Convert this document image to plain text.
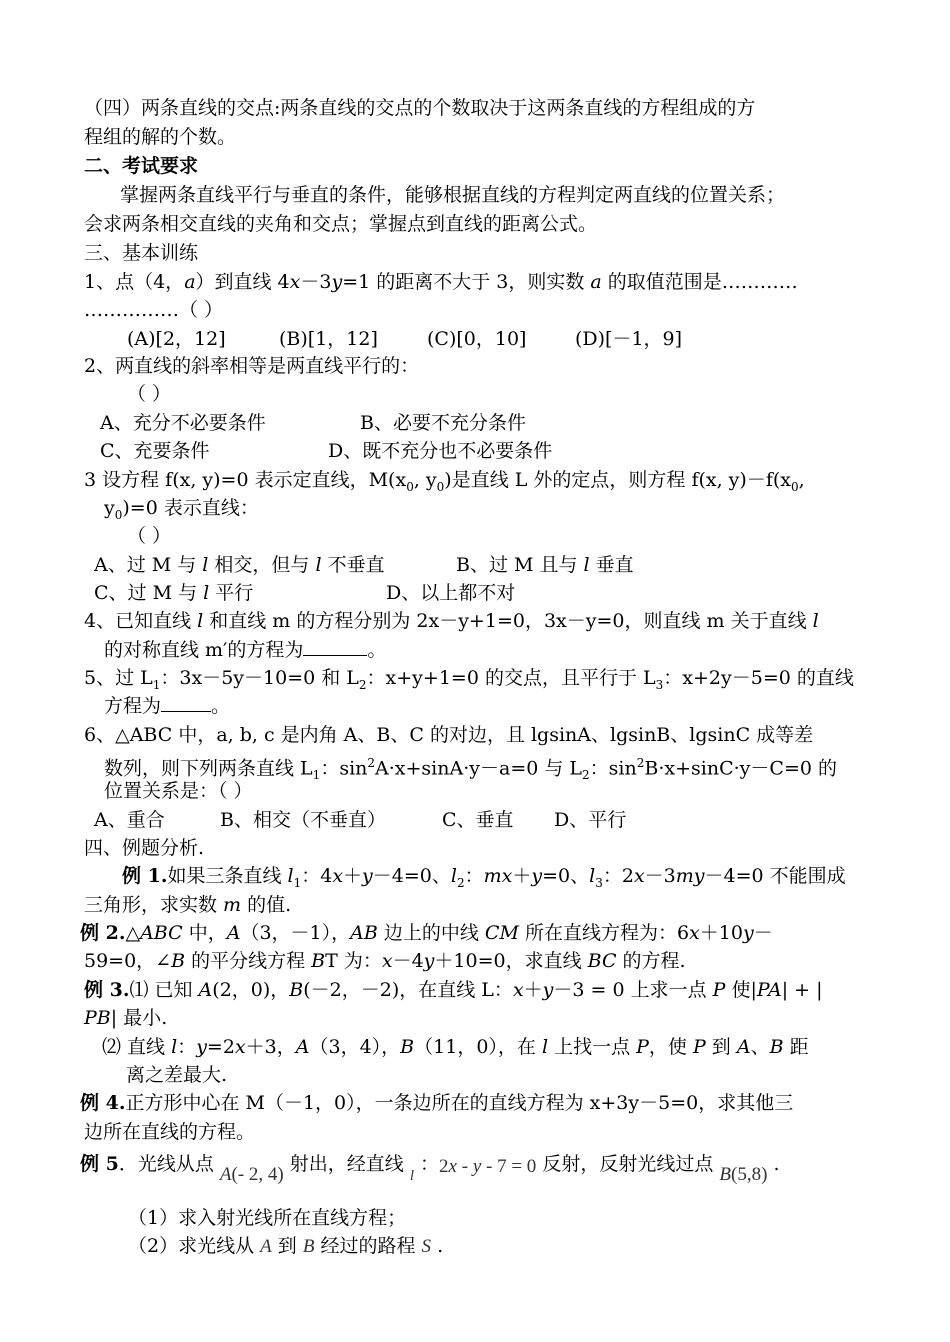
（四）两条直线的交点:两条直线的交点的个数取决于这两条直线的方程组成的方
程组的解的个数。
二、考试要求
掌握两条直线平行与垂直的条件，能够根据直线的方程判定两直线的位置关系；
会求两条相交直线的夹角和交点；掌握点到直线的距离公式。
三、基本训练
1、点（4，a）到直线 4x－3y=1 的距离不大于 3，则实数 a 的取值范围是…………
……………（ ）
(A)[2，12]	(B)[1，12]	(C)[0，10]	(D)[－1，9]
2、两直线的斜率相等是两直线平行的：
（ ）
A、充分不必要条件	B、必要不充分条件
C、充要条件	D、既不充分也不必要条件
3 设方程 f(x, y)=0 表示定直线，$M(x_0$, $y_0$)是直线 L 外的定点，则方程 f(x, $y)-f(x_0$,
$y_0)=0$ 表示直线：
（ ）
A、过 M 与 l 相交，但与 l 不垂直	B、过 M 且与 l 垂直
C、过 M 与 l 平行	D、以上都不对
4、已知直线 l 和直线 m 的方程分别为 2x－y+1=0，3x－y=0，则直线 m 关于直线 l
的对称直线 m′的方程为	。
5、过 $L_1$：3x－5y－10=0 和 $L_2$：x+y+1=0 的交点，且平行于 $L_3$：x+2y－5=0 的直线
方程为	。
6、△ABC 中，a, b, c 是内角 A、B、C 的对边，且 lgsinA、lgsinB、lgsinC 成等差
数列，则下列两条直线 $L_1$：$\sin^2A\cdot x+\sin A\cdot y-a=0$ 与 $L_2$：$\sin^2B\cdot x+\sin C\cdot y-C=0$ 的
位置关系是：（ ）
A、重合	B、相交（不垂直）	C、垂直 D、平行
四、例题分析.
例 1.如果三条直线 $l_1$：4x＋y－4=0、$l_2$：mx＋y=0、$l_3$：2x－3my－4=0 不能围成
三角形，求实数 m 的值.
例 2.△ABC 中，A（3，－1），AB 边上的中线 CM 所在直线方程为：6x＋10y－
59=0，∠B 的平分线方程 BT 为：x－4y＋10=0，求直线 BC 的方程.
例 3.⑴ 已知 A(2，0)，B(－2，－2)，在直线 L：x＋y－3 = 0 上求一点 P 使|PA| + |
PB| 最小.
⑵ 直线 l：y=2x＋3，A（3，4），B（11，0），在 l 上找一点 P，使 P 到 A、B 距
离之差最大.
例 4.正方形中心在 M（－1，0），一条边所在的直线方程为 x+3y－5=0，求其他三
边所在直线的方程。
例 5．光线从点 A(- 2, 4) 射出，经直线 $_l$ ：2x - y - 7 = 0 反射，反射光线过点 B(5,8) .
（1）求入射光线所在直线方程；
（2）求光线从 A 到 B 经过的路程 S .
